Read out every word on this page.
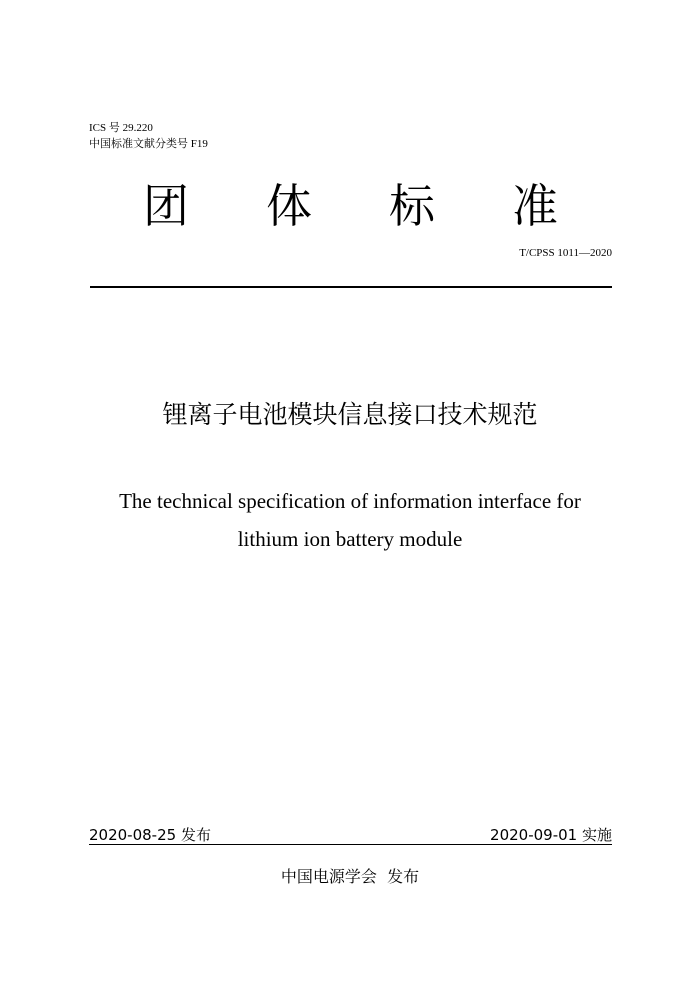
ICS 号 29.220
中国标准文献分类号 F19
团 体 标 准
T/CPSS 1011—2020
锂离子电池模块信息接口技术规范
The technical specification of information interface for
lithium ion battery module
2020-08-25 发布	2020-09-01 实施
中国电源学会  发布
